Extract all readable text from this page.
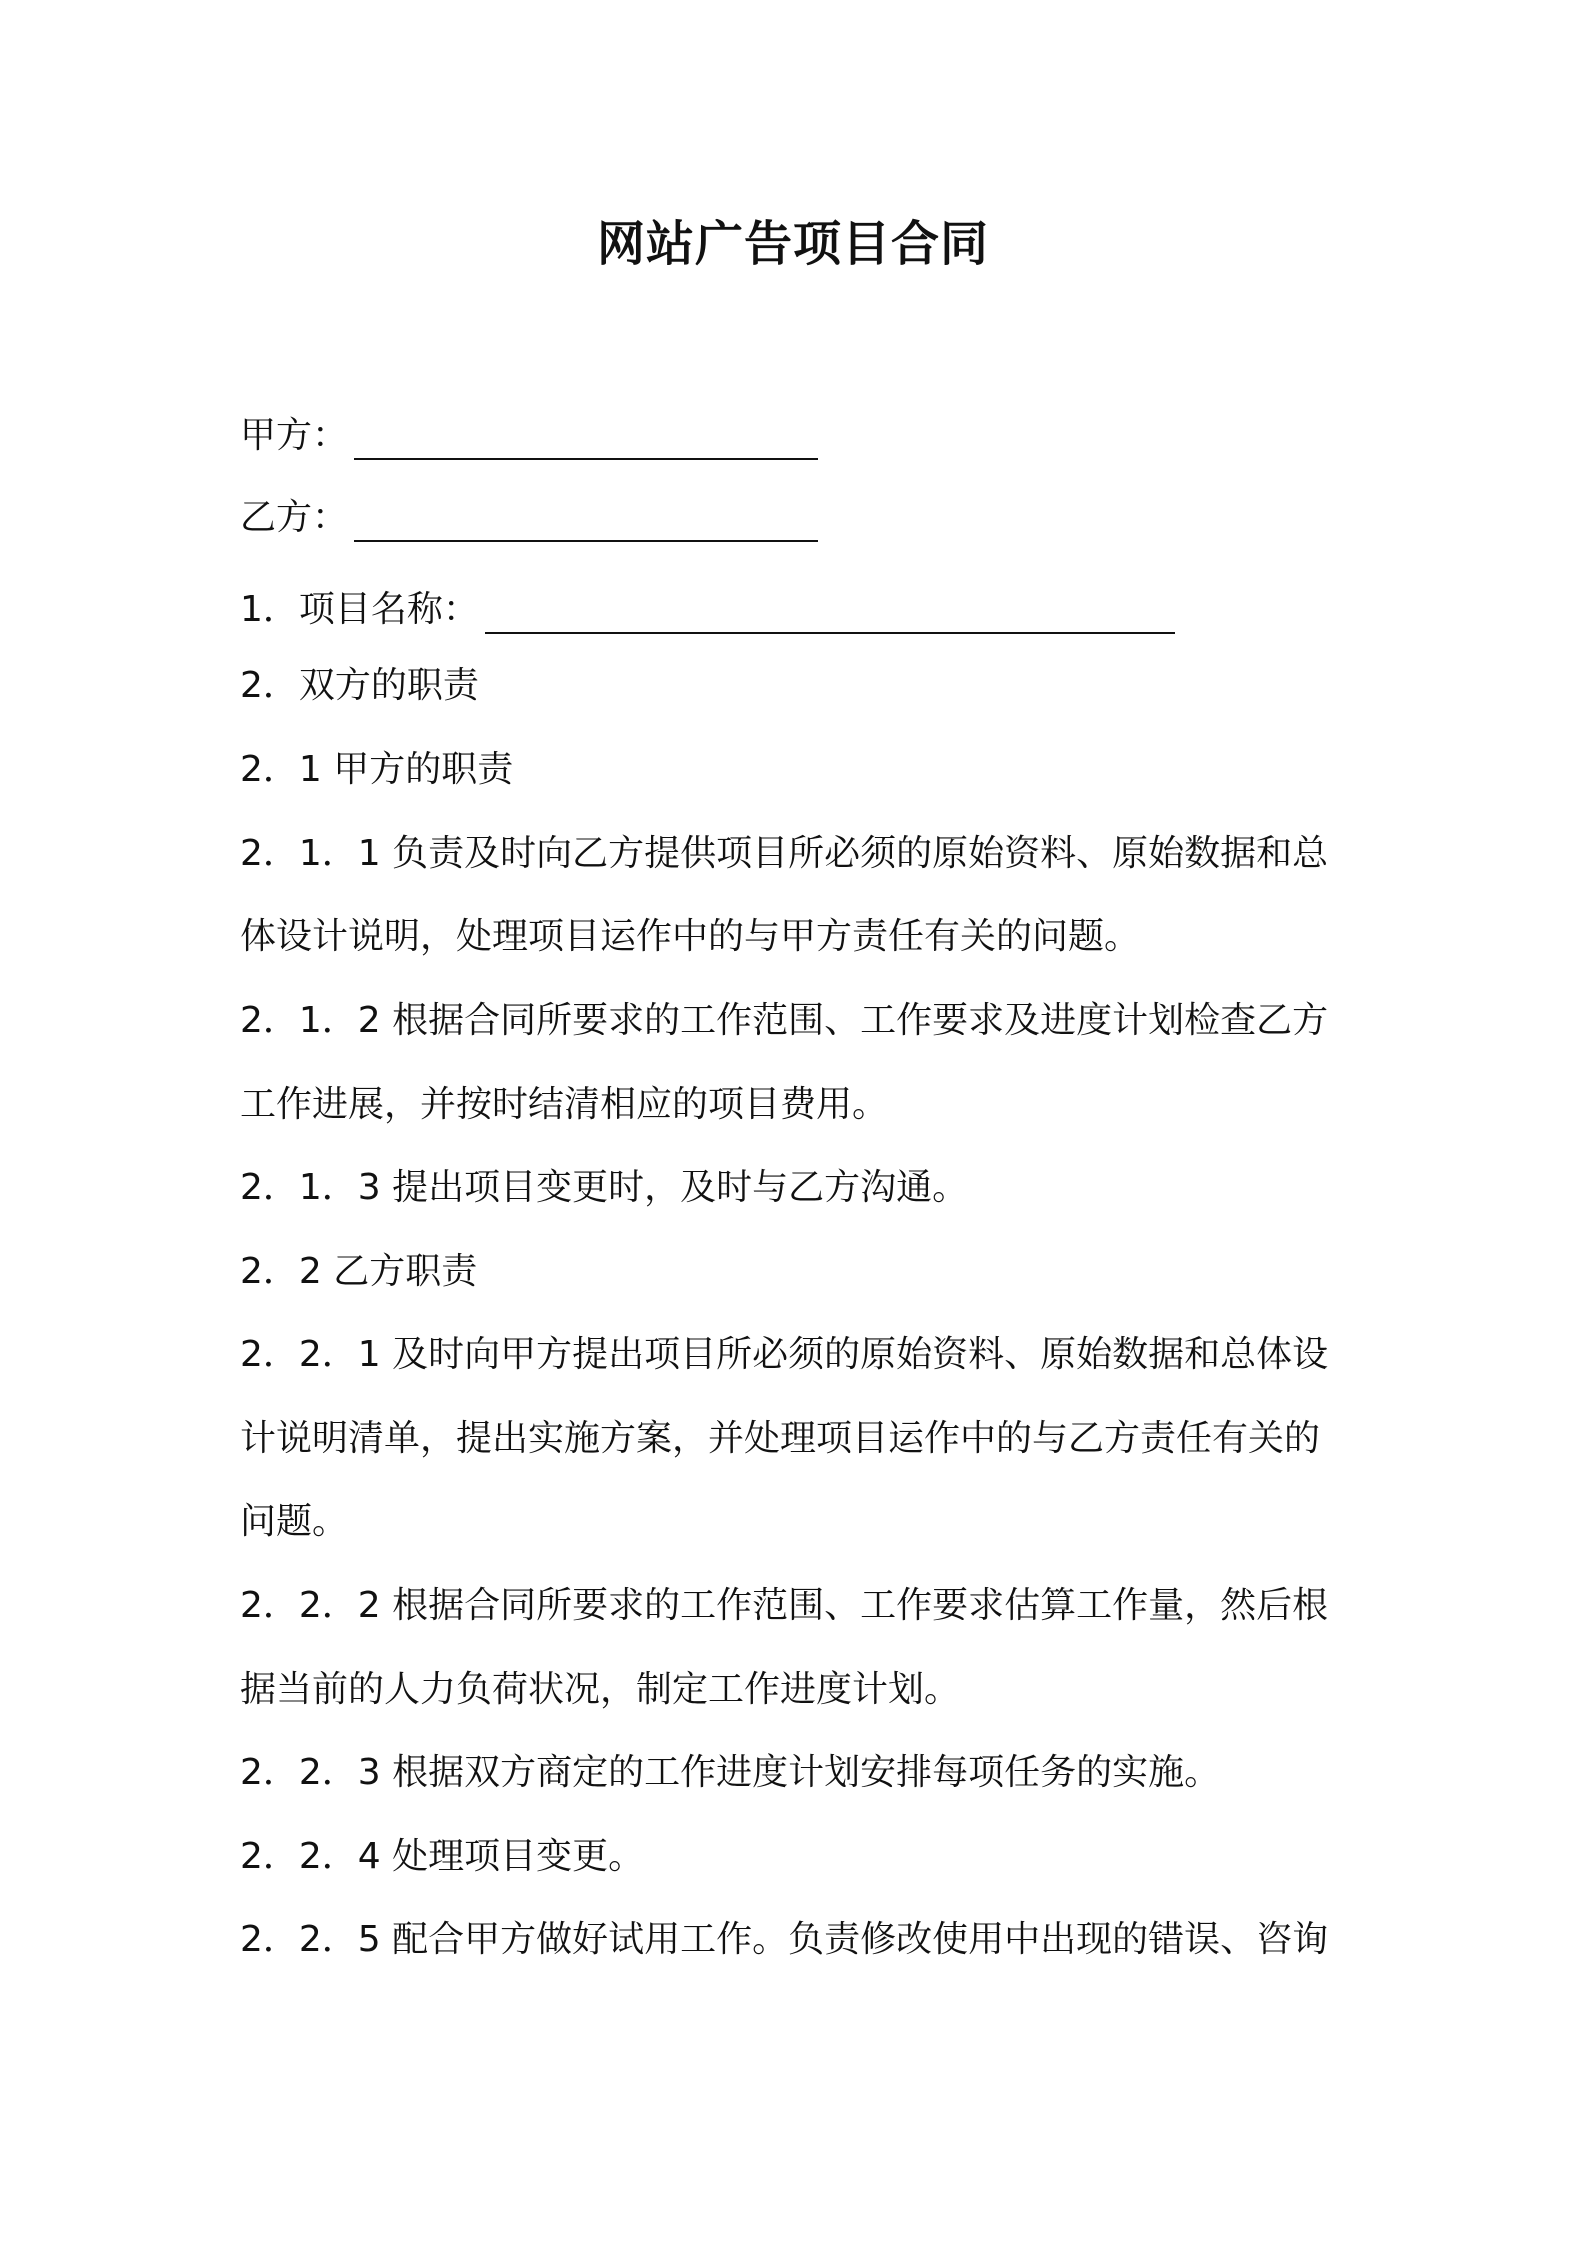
网站广告项目合同
甲方：
乙方：
1．项目名称：
2．双方的职责
2．1 甲方的职责
2．1．1 负责及时向乙方提供项目所必须的原始资料、原始数据和总
体设计说明，处理项目运作中的与甲方责任有关的问题。
2．1．2 根据合同所要求的工作范围、工作要求及进度计划检查乙方
工作进展，并按时结清相应的项目费用。
2．1．3 提出项目变更时，及时与乙方沟通。
2．2 乙方职责
2．2．1 及时向甲方提出项目所必须的原始资料、原始数据和总体设
计说明清单，提出实施方案，并处理项目运作中的与乙方责任有关的
问题。
2．2．2 根据合同所要求的工作范围、工作要求估算工作量，然后根
据当前的人力负荷状况，制定工作进度计划。
2．2．3 根据双方商定的工作进度计划安排每项任务的实施。
2．2．4 处理项目变更。
2．2．5 配合甲方做好试用工作。负责修改使用中出现的错误、咨询
